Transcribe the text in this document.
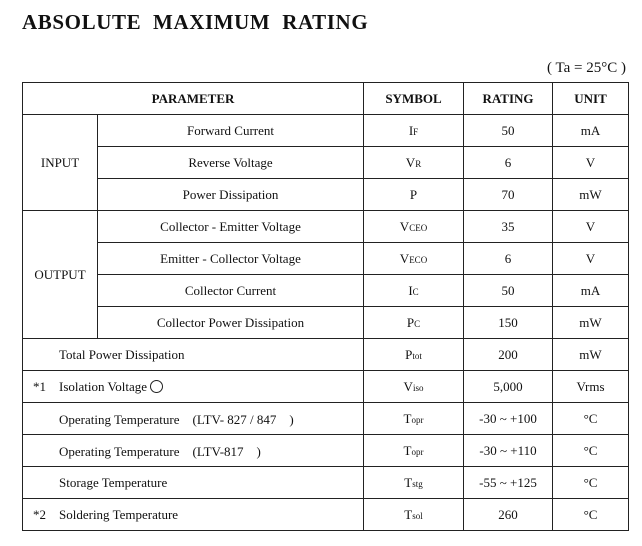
ABSOLUTE MAXIMUM RATING
( Ta = 25°C )
PARAMETER		SYMBOL	RATING	UNIT
INPUT	Forward Current	IF	50	mA
	Reverse Voltage	VR	6	V
	Power Dissipation	P	70	mW
OUTPUT	Collector - Emitter Voltage	VCEO	35	V
	Emitter - Collector Voltage	VECO	6	V
	Collector Current	IC	50	mA
	Collector Power Dissipation	PC	150	mW
Total Power Dissipation		Ptot	200	mW
*1 Isolation Voltage		Viso	5,000	Vrms
Operating Temperature　(LTV- 827 / 847　)		Topr	-30 ~ +100	°C
Operating Temperature　(LTV-817　)		Topr	-30 ~ +110	°C
Storage Temperature		Tstg	-55 ~ +125	°C
*2 Soldering Temperature		Tsol	260	°C
